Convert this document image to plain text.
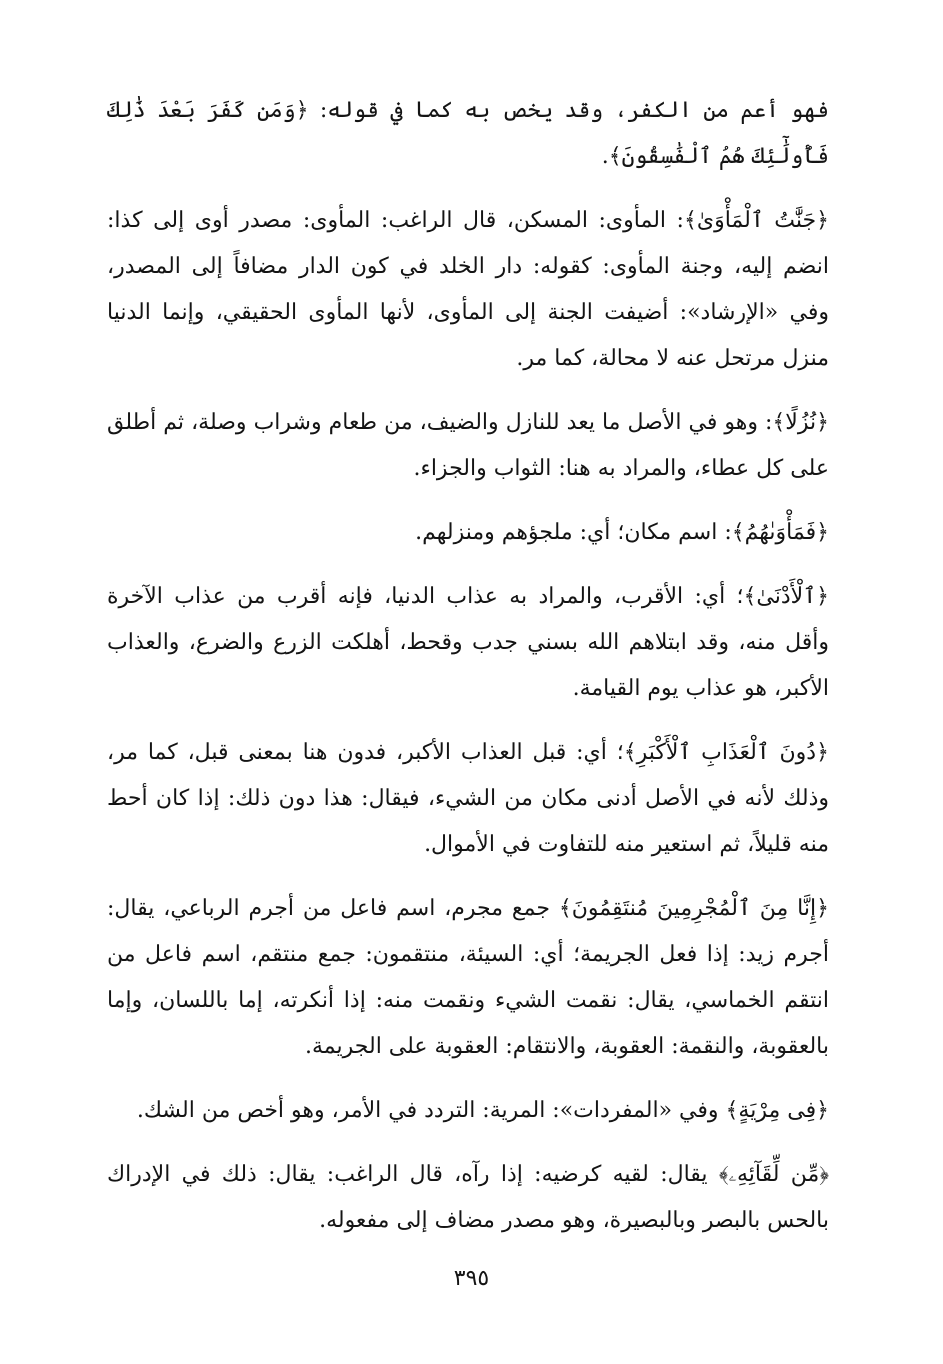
فهو أعم من الكفر، وقد يخص به كما في قوله: ﴿وَمَن كَفَرَ بَعْدَ ذَٰلِكَ فَأُولَٰٓئِكَ هُمُ ٱلْفَٰسِقُونَ﴾.

﴿جَنَّٰتُ ٱلْمَأْوَىٰ﴾: المأوى: المسكن، قال الراغب: المأوى: مصدر أوى إلى كذا: انضم إليه، وجنة المأوى: كقوله: دار الخلد في كون الدار مضافاً إلى المصدر، وفي «الإرشاد»: أضيفت الجنة إلى المأوى، لأنها المأوى الحقيقي، وإنما الدنيا منزل مرتحل عنه لا محالة، كما مر.

﴿نُزُلًا﴾: وهو في الأصل ما يعد للنازل والضيف، من طعام وشراب وصلة، ثم أطلق على كل عطاء، والمراد به هنا: الثواب والجزاء.

﴿فَمَأْوَىٰهُمُ﴾: اسم مكان؛ أي: ملجؤهم ومنزلهم.

﴿ٱلْأَدْنَىٰ﴾؛ أي: الأقرب، والمراد به عذاب الدنيا، فإنه أقرب من عذاب الآخرة وأقل منه، وقد ابتلاهم الله بسني جدب وقحط، أهلكت الزرع والضرع، والعذاب الأكبر، هو عذاب يوم القيامة.

﴿دُونَ ٱلْعَذَابِ ٱلْأَكْبَرِ﴾؛ أي: قبل العذاب الأكبر، فدون هنا بمعنى قبل، كما مر، وذلك لأنه في الأصل أدنى مكان من الشيء، فيقال: هذا دون ذلك: إذا كان أحط منه قليلاً، ثم استعير منه للتفاوت في الأموال.

﴿إِنَّا مِنَ ٱلْمُجْرِمِينَ مُنتَقِمُونَ﴾ جمع مجرم، اسم فاعل من أجرم الرباعي، يقال: أجرم زيد: إذا فعل الجريمة؛ أي: السيئة، منتقمون: جمع منتقم، اسم فاعل من انتقم الخماسي، يقال: نقمت الشيء ونقمت منه: إذا أنكرته، إما باللسان، وإما بالعقوبة، والنقمة: العقوبة، والانتقام: العقوبة على الجريمة.

﴿فِى مِرْيَةٍ﴾ وفي «المفردات»: المرية: التردد في الأمر، وهو أخص من الشك.

﴿مِّن لِّقَآئِهِۦ﴾ يقال: لقيه كرضيه: إذا رآه، قال الراغب: يقال: ذلك في الإدراك بالحس بالبصر وبالبصيرة، وهو مصدر مضاف إلى مفعوله.

٣٩٥
